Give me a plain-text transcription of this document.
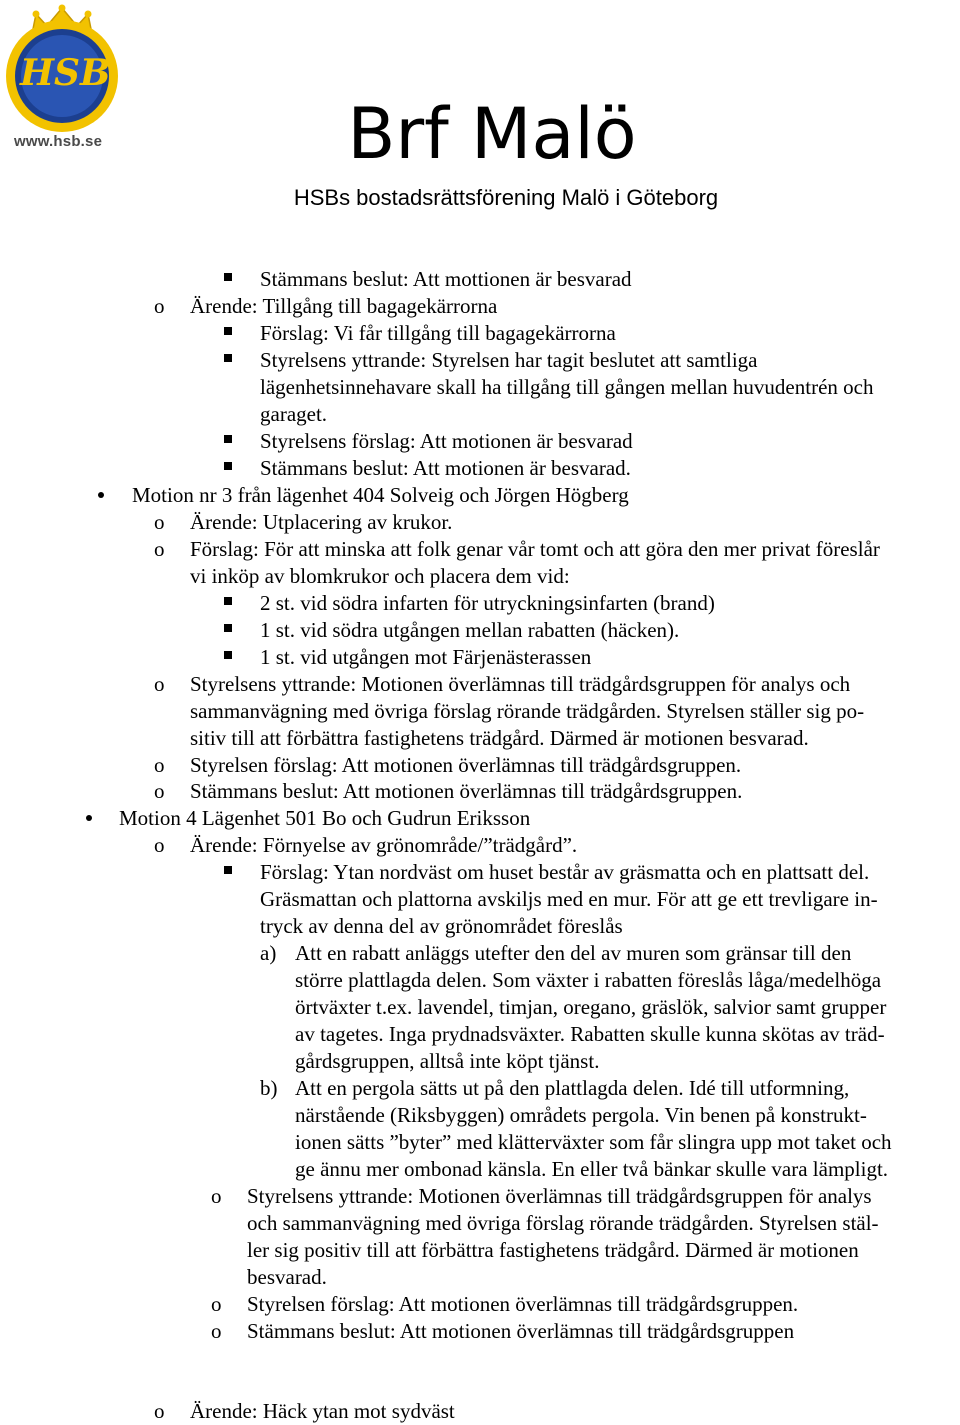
HSB
www.hsb.se	Brf Malö
HSBs bostadsrättsförening Malö i Göteborg
Stämmans beslut: Att mottionen är besvarad
o Ärende: Tillgång till bagagekärrorna
Förslag: Vi får tillgång till bagagekärrorna
Styrelsens yttrande: Styrelsen har tagit beslutet att samtliga
lägenhetsinnehavare skall ha tillgång till gången mellan huvudentrén och
garaget.
Styrelsens förslag: Att motionen är besvarad
Stämmans beslut: Att motionen är besvarad.
Motion nr 3 från lägenhet 404 Solveig och Jörgen Högberg
o Ärende: Utplacering av krukor.
o Förslag: För att minska att folk genar vår tomt och att göra den mer privat föreslår
vi inköp av blomkrukor och placera dem vid:
2 st. vid södra infarten för utryckningsinfarten (brand)
1 st. vid södra utgången mellan rabatten (häcken).
1 st. vid utgången mot Färjenästerassen
o Styrelsens yttrande: Motionen överlämnas till trädgårdsgruppen för analys och
sammanvägning med övriga förslag rörande trädgården. Styrelsen ställer sig po-
sitiv till att förbättra fastighetens trädgård. Därmed är motionen besvarad.
o Styrelsen förslag: Att motionen överlämnas till trädgårdsgruppen.
o Stämmans beslut: Att motionen överlämnas till trädgårdsgruppen.
Motion 4 Lägenhet 501 Bo och Gudrun Eriksson
o Ärende: Förnyelse av grönområde/”trädgård”.
Förslag: Ytan nordväst om huset består av gräsmatta och en plattsatt del.
Gräsmattan och plattorna avskiljs med en mur. För att ge ett trevligare in-
tryck av denna del av grönområdet föreslås
a) Att en rabatt anläggs utefter den del av muren som gränsar till den
större plattlagda delen. Som växter i rabatten föreslås låga/medelhöga
örtväxter t.ex. lavendel, timjan, oregano, gräslök, salvior samt grupper
av tagetes. Inga prydnadsväxter. Rabatten skulle kunna skötas av träd-
gårdsgruppen, alltså inte köpt tjänst.
b) Att en pergola sätts ut på den plattlagda delen. Idé till utformning,
närstående (Riksbyggen) områdets pergola. Vin benen på konstrukt-
ionen sätts ”byter” med klätterväxter som får slingra upp mot taket och
ge ännu mer ombonad känsla. En eller två bänkar skulle vara lämpligt.
o Styrelsens yttrande: Motionen överlämnas till trädgårdsgruppen för analys
och sammanvägning med övriga förslag rörande trädgården. Styrelsen stäl-
ler sig positiv till att förbättra fastighetens trädgård. Därmed är motionen
besvarad.
o Styrelsen förslag: Att motionen överlämnas till trädgårdsgruppen.
o Stämmans beslut: Att motionen överlämnas till trädgårdsgruppen
o Ärende: Häck ytan mot sydväst
